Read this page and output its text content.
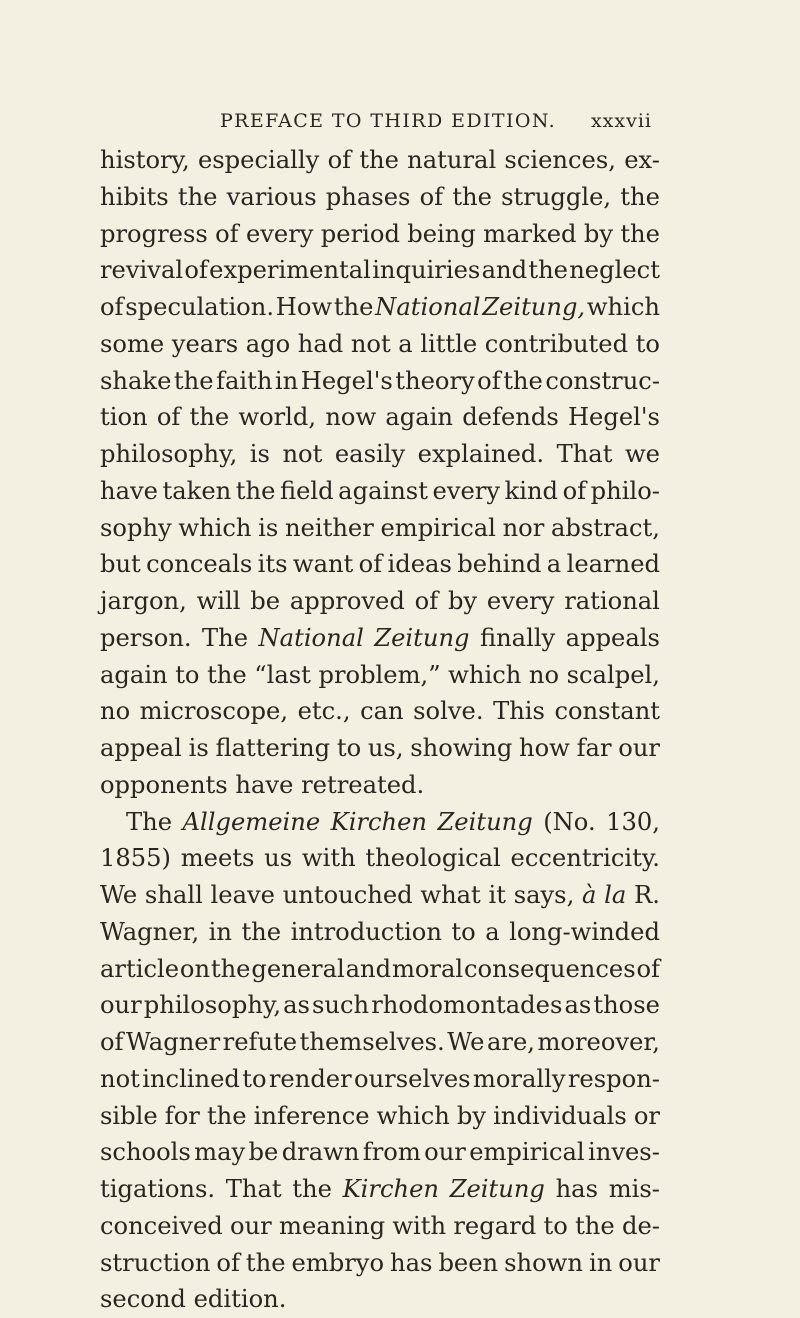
PREFACE TO THIRD EDITION. xxxvii
history, especially of the natural sciences, ex-
hibits the various phases of the struggle, the
progress of every period being marked by the
revival of experimental inquiries and the neglect
of speculation. How the National Zeitung, which
some years ago had not a little contributed to
shake the faith in Hegel's theory of the construc-
tion of the world, now again defends Hegel's
philosophy, is not easily explained. That we
have taken the field against every kind of philo-
sophy which is neither empirical nor abstract,
but conceals its want of ideas behind a learned
jargon, will be approved of by every rational
person. The National Zeitung finally appeals
again to the “last problem,” which no scalpel,
no microscope, etc., can solve. This constant
appeal is flattering to us, showing how far our
opponents
have
retreated.
The Allgemeine Kirchen Zeitung (No. 130,
1855) meets us with theological eccentricity.
We shall leave untouched what it says, à la R.
Wagner, in the introduction to a long-winded
article on the general and moral consequences of
our philosophy, as such rhodomontades as those
of Wagner refute themselves. We are, moreover,
not inclined to render ourselves morally respon-
sible for the inference which by individuals or
schools may be drawn from our empirical inves-
tigations. That the Kirchen Zeitung has mis-
conceived our meaning with regard to the de-
struction of the embryo has been shown in our
second
edition.
